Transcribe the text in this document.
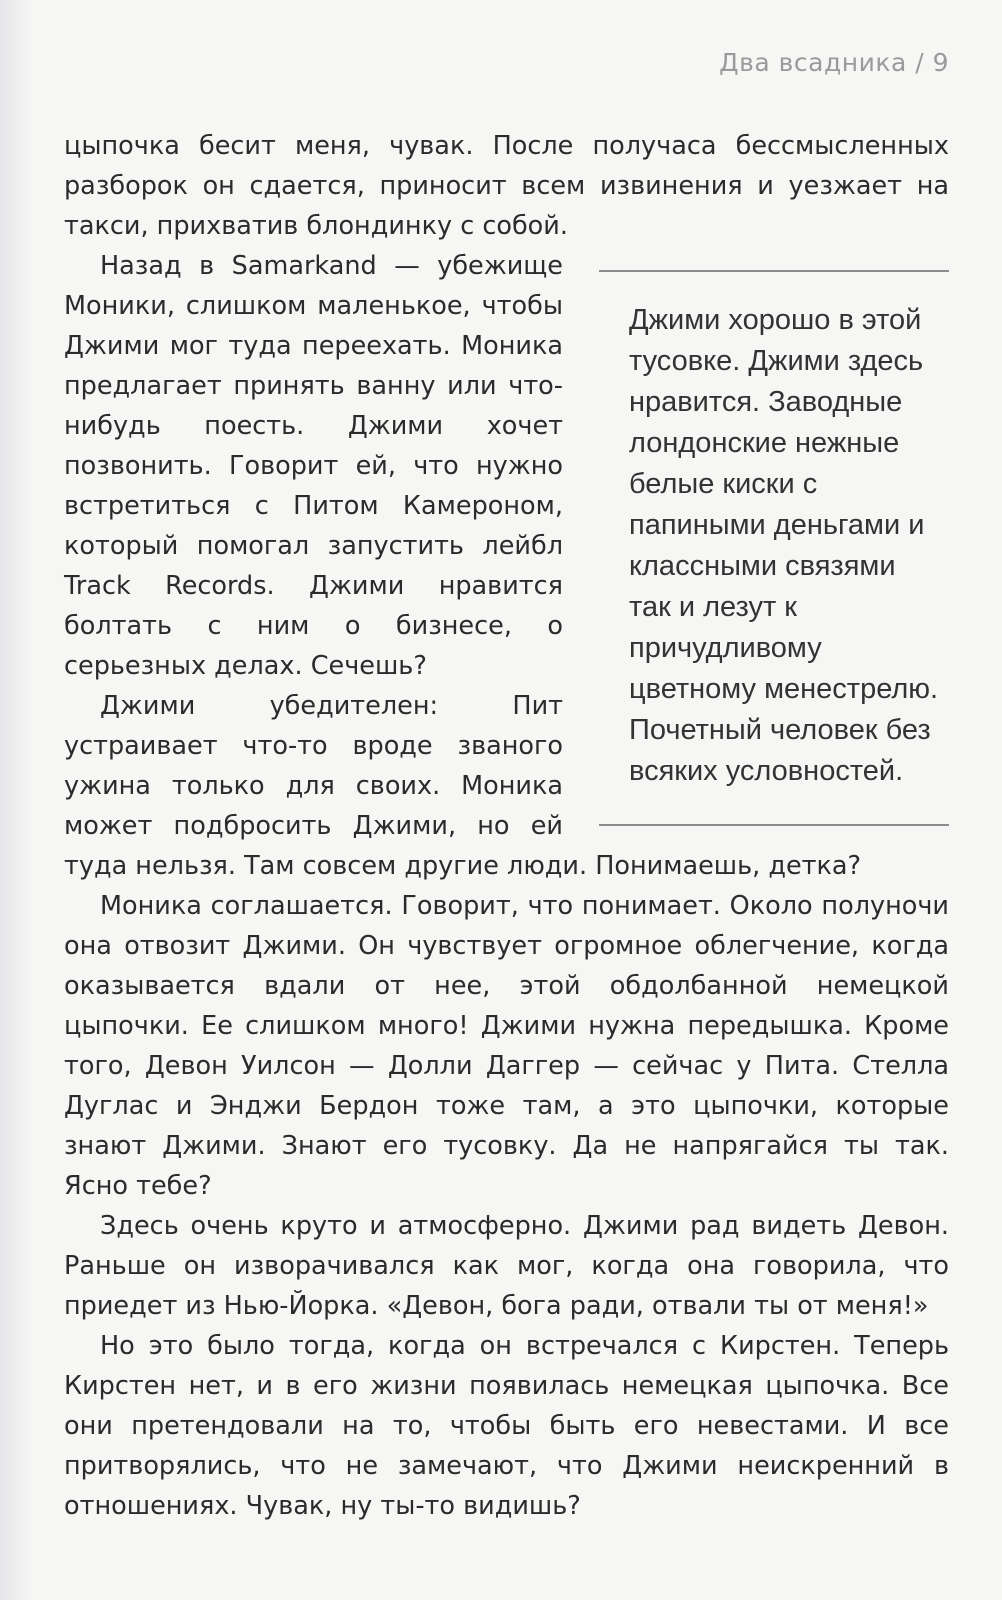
Два всадника / 9

цыпочка бесит меня, чувак. После получаса бессмысленных разборок он сдается, приносит всем извинения и уезжает на такси, прихватив блондинку с собой.

Джими хорошо в этой тусовке. Джими здесь нравится. Заводные лондонские нежные белые киски с папиными деньгами и классными связями так и лезут к причудливому цветному менестрелю. Почетный человек без всяких условностей.
Назад в Samarkand — убежище Моники, слишком маленькое, чтобы Джими мог туда переехать. Моника предлагает принять ванну или что-нибудь поесть. Джими хочет позвонить. Говорит ей, что нужно встретиться с Питом Камероном, который помогал запустить лейбл Track Records. Джими нравится болтать с ним о бизнесе, о серьезных делах. Сечешь?

Джими убедителен: Пит устраивает что-то вроде званого ужина только для своих. Моника может подбросить Джими, но ей туда нельзя. Там совсем другие люди. Понимаешь, детка?

Моника соглашается. Говорит, что понимает. Около полуночи она отвозит Джими. Он чувствует огромное облегчение, когда оказывается вдали от нее, этой обдолбанной немецкой цыпочки. Ее слишком много! Джими нужна передышка. Кроме того, Девон Уилсон — Долли Даггер — сейчас у Пита. Стелла Дуглас и Энджи Бердон тоже там, а это цыпочки, которые знают Джими. Знают его тусовку. Да не напрягайся ты так. Ясно тебе?

Здесь очень круто и атмосферно. Джими рад видеть Девон. Раньше он изворачивался как мог, когда она говорила, что приедет из Нью-Йорка. «Девон, бога ради, отвали ты от меня!»

Но это было тогда, когда он встречался с Кирстен. Теперь Кирстен нет, и в его жизни появилась немецкая цыпочка. Все они претендовали на то, чтобы быть его невестами. И все притворялись, что не замечают, что Джими неискренний в отношениях. Чувак, ну ты-то видишь?
